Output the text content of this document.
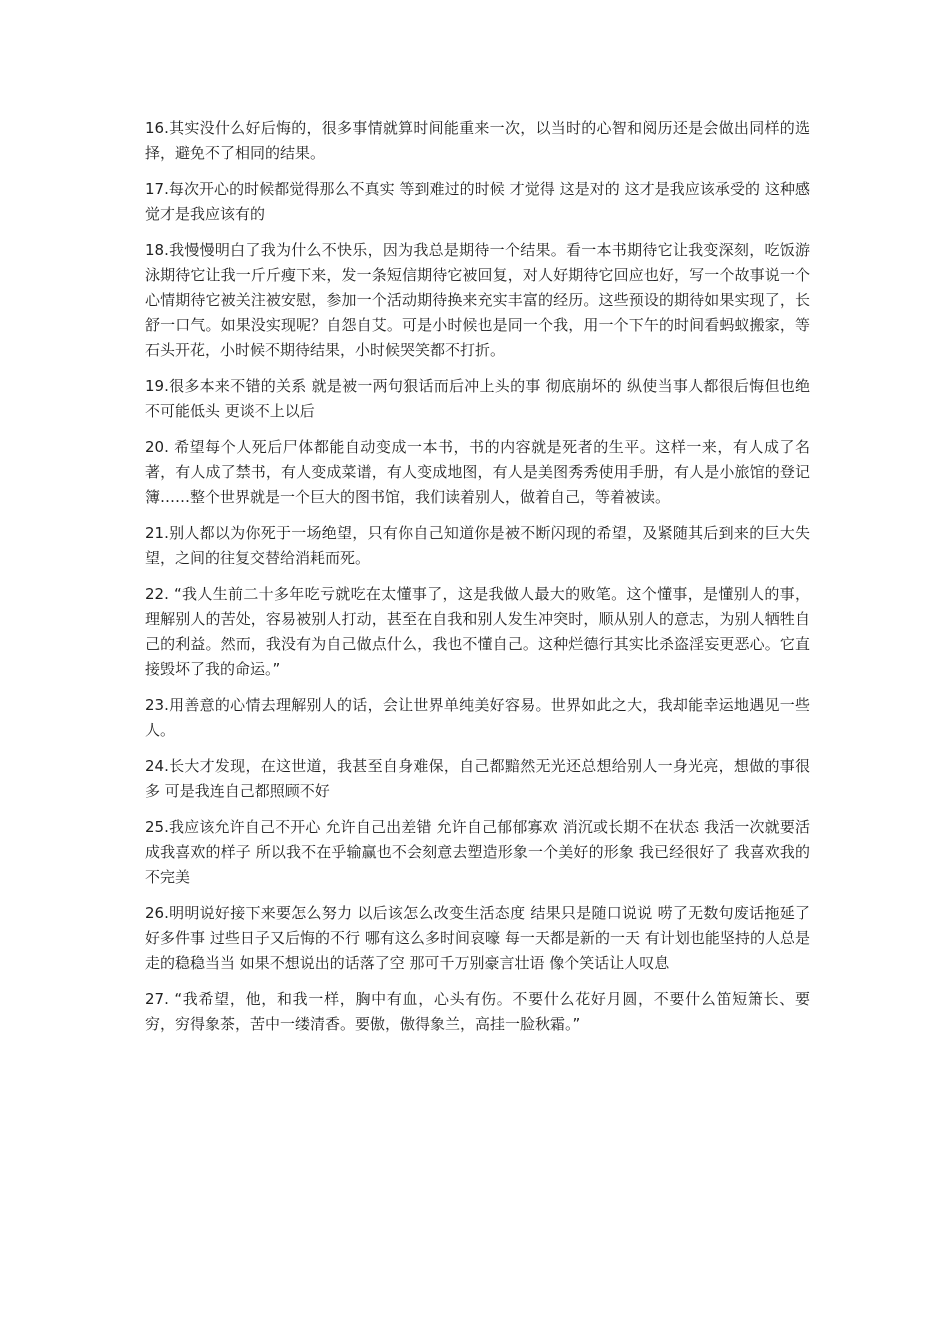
16.其实没什么好后悔的，很多事情就算时间能重来一次，以当时的心智和阅历还是会做出同样的选择，避免不了相同的结果。

17.每次开心的时候都觉得那么不真实 等到难过的时候 才觉得 这是对的 这才是我应该承受的 这种感觉才是我应该有的

18.我慢慢明白了我为什么不快乐，因为我总是期待一个结果。看一本书期待它让我变深刻，吃饭游泳期待它让我一斤斤瘦下来，发一条短信期待它被回复，对人好期待它回应也好，写一个故事说一个心情期待它被关注被安慰，参加一个活动期待换来充实丰富的经历。这些预设的期待如果实现了，长舒一口气。如果没实现呢？自怨自艾。可是小时候也是同一个我，用一个下午的时间看蚂蚁搬家，等石头开花，小时候不期待结果，小时候哭笑都不打折。

19.很多本来不错的关系 就是被一两句狠话而后冲上头的事 彻底崩坏的 纵使当事人都很后悔但也绝不可能低头 更谈不上以后

20. 希望每个人死后尸体都能自动变成一本书，书的内容就是死者的生平。这样一来，有人成了名著，有人成了禁书，有人变成菜谱，有人变成地图，有人是美图秀秀使用手册，有人是小旅馆的登记簿……整个世界就是一个巨大的图书馆，我们读着别人，做着自己，等着被读。

21.别人都以为你死于一场绝望，只有你自己知道你是被不断闪现的希望，及紧随其后到来的巨大失望，之间的往复交替给消耗而死。

22. “我人生前二十多年吃亏就吃在太懂事了，这是我做人最大的败笔。这个懂事，是懂别人的事，理解别人的苦处，容易被别人打动，甚至在自我和别人发生冲突时，顺从别人的意志，为别人牺牲自己的利益。然而，我没有为自己做点什么，我也不懂自己。这种烂德行其实比杀盗淫妄更恶心。它直接毁坏了我的命运。”

23.用善意的心情去理解别人的话，会让世界单纯美好容易。世界如此之大，我却能幸运地遇见一些人。

24.长大才发现，在这世道，我甚至自身难保，自己都黯然无光还总想给别人一身光亮，想做的事很多 可是我连自己都照顾不好

25.我应该允许自己不开心 允许自己出差错 允许自己郁郁寡欢 消沉或长期不在状态 我活一次就要活成我喜欢的样子 所以我不在乎输赢也不会刻意去塑造形象一个美好的形象 我已经很好了 我喜欢我的不完美

26.明明说好接下来要怎么努力 以后该怎么改变生活态度 结果只是随口说说 唠了无数句废话拖延了好多件事 过些日子又后悔的不行 哪有这么多时间哀嚎 每一天都是新的一天 有计划也能坚持的人总是走的稳稳当当 如果不想说出的话落了空 那可千万别豪言壮语 像个笑话让人叹息

27. “我希望，他，和我一样，胸中有血，心头有伤。不要什么花好月圆，不要什么笛短箫长、要穷，穷得象茶，苦中一缕清香。要傲，傲得象兰，高挂一脸秋霜。”
